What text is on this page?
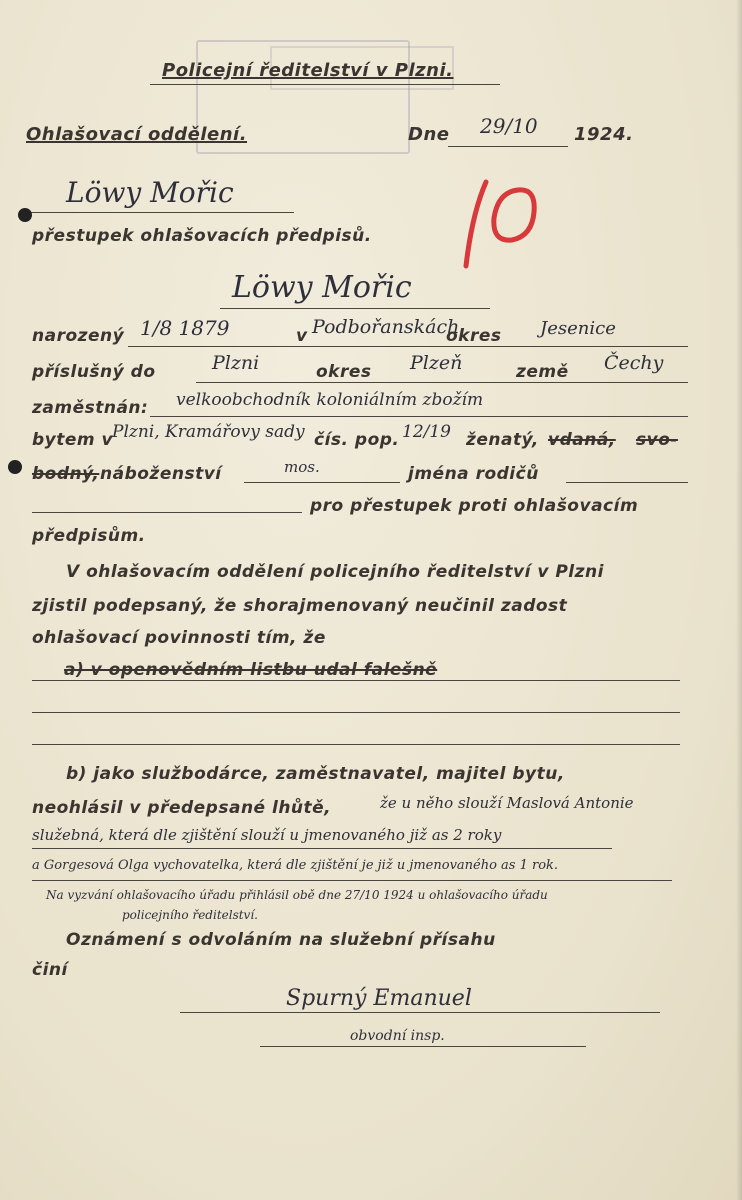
Policejní ředitelství v Plzni.
Ohlašovací oddělení.	Dne 29/10 1924.
Löwy Mořic
přestupek ohlašovacích předpisů.
Löwy Mořic
narozený 1/8 1879	v Podbořanskách
okres Jesenice
příslušný do	Plzni	okres Plzeň	země Čechy
zaměstnán: velkoobchodník koloniálním zbožím
bytem v
Plzni, Kramářovy sady čís. pop. 12/19 ženatý, vdaná, svo-
bodný, náboženství	mos.	jména rodičů
pro přestupek proti ohlašovacím
předpisům.
V ohlašovacím oddělení policejního ředitelství v Plzni
zjistil podepsaný, že shorajmenovaný neučinil zadost
ohlašovací povinnosti tím, že
a) v openovědním listbu udal falešně
b) jako službodárce, zaměstnavatel, majitel bytu,
neohlásil v předepsané lhůtě,	že u něho slouží Maslová Antonie
služebná, která dle zjištění slouží u jmenovaného již as 2 roky
a Gorgesová Olga vychovatelka, která dle zjištění je již u jmenovaného as 1 rok.
Na vyzvání ohlašovacího úřadu přihlásil obě dne 27/10 1924 u ohlašovacího úřadu
policejního ředitelství.
Oznámení s odvoláním na služební přísahu
činí
Spurný Emanuel
obvodní insp.
